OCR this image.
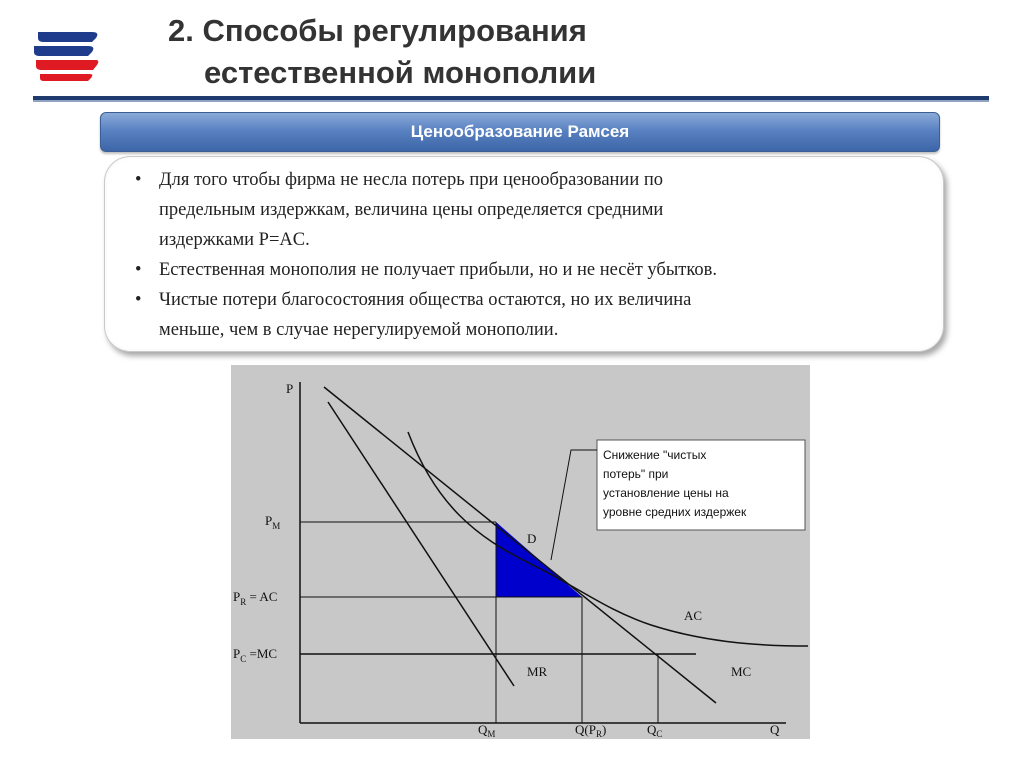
2. Способы регулирования
естественной монополии
Ценообразование Рамсея
• Для того чтобы фирма не несла потерь при ценообразовании по
предельным издержкам, величина цены определяется средними
издержками P=AC.
• Естественная монополия не получает прибыли, но и не несёт убытков.
• Чистые потери благосостояния общества остаются, но их величина
меньше, чем в случае нерегулируемой монополии.
Снижение "чистых
потерь" при
установление цены на
уровне средних издержек
P
Q
$P_M$
$P_R$ = AC
$P_C =MC$
$Q_M$	$Q(P_R)$	$Q_C$
D
AC
MR	MC
